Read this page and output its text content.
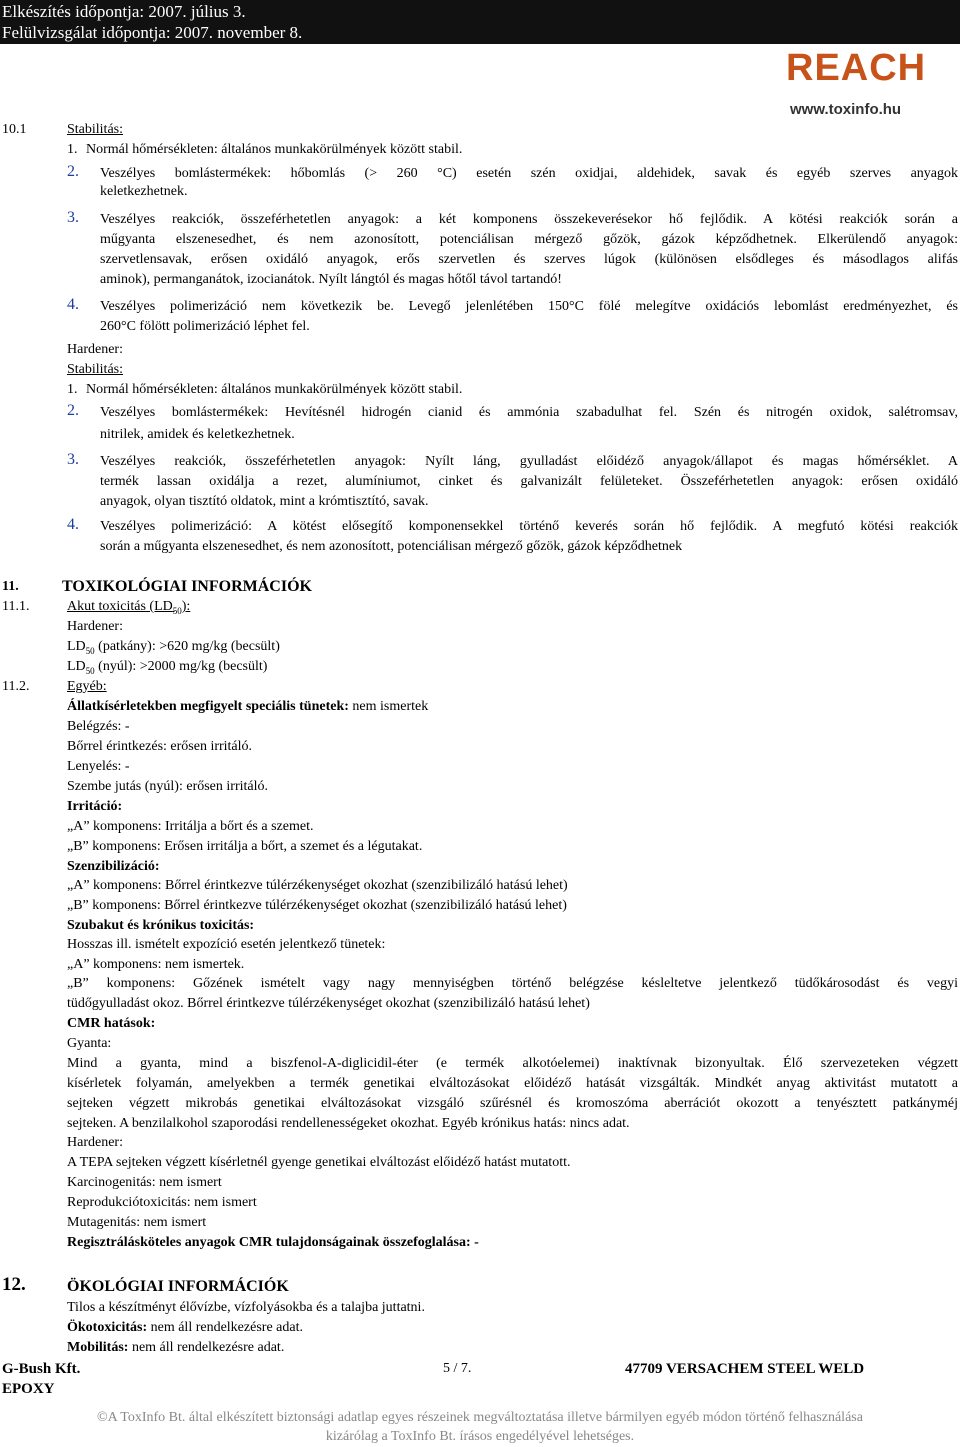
Elkészítés időpontja: 2007. július 3.
Felülvizsgálat időpontja: 2007. november 8.
REACH
www.toxinfo.hu
10.1	Stabilitás:
1. Normál hőmérsékleten: általános munkakörülmények között stabil.
2. Veszélyes bomlástermékek: hőbomlás (> 260 °C) esetén szén oxidjai, aldehidek, savak és egyéb szerves anyagok
keletkezhetnek.
3. Veszélyes reakciók, összeférhetetlen anyagok: a két komponens összekeverésekor hő fejlődik. A kötési reakciók során a
műgyanta elszenesedhet, és nem azonosított, potenciálisan mérgező gőzök, gázok képződhetnek. Elkerülendő anyagok:
szervetlensavak, erősen oxidáló anyagok, erős szervetlen és szerves lúgok (különösen elsődleges és másodlagos alifás
aminok), permanganátok, izocianátok. Nyílt lángtól és magas hőtől távol tartandó!
4. Veszélyes polimerizáció nem következik be. Levegő jelenlétében 150°C fölé melegítve oxidációs lebomlást eredményezhet, és
260°C fölött polimerizáció léphet fel.
Hardener:
Stabilitás:
1. Normál hőmérsékleten: általános munkakörülmények között stabil.
2. Veszélyes bomlástermékek: Hevítésnél hidrogén cianid és ammónia szabadulhat fel. Szén és nitrogén oxidok, salétromsav,
nitrilek, amidek és keletkezhetnek.
3. Veszélyes reakciók, összeférhetetlen anyagok: Nyílt láng, gyulladást előidéző anyagok/állapot és magas hőmérséklet. A
termék lassan oxidálja a rezet, alumíniumot, cinket és galvanizált felületeket. Összeférhetetlen anyagok: erősen oxidáló
anyagok, olyan tisztító oldatok, mint a krómtisztító, savak.
4. Veszélyes polimerizáció: A kötést elősegítő komponensekkel történő keverés során hő fejlődik. A megfutó kötési reakciók
során a műgyanta elszenesedhet, és nem azonosított, potenciálisan mérgező gőzök, gázok képződhetnek
11.	TOXIKOLÓGIAI INFORMÁCIÓK
11.1.	Akut toxicitás $(LD_{50})$:
Hardener:
$LD_{50}$ (patkány): >620 mg/kg (becsült)
$LD_{50}$ (nyúl): >2000 mg/kg (becsült)
11.2.	Egyéb:
Állatkísérletekben megfigyelt speciális tünetek: nem ismertek
Belégzés: -
Bőrrel érintkezés: erősen irritáló.
Lenyelés: -
Szembe jutás (nyúl): erősen irritáló.
Irritáció:
„A” komponens: Irritálja a bőrt és a szemet.
„B” komponens: Erősen irritálja a bőrt, a szemet és a légutakat.
Szenzibilizáció:
„A” komponens: Bőrrel érintkezve túlérzékenységet okozhat (szenzibilizáló hatású lehet)
„B” komponens: Bőrrel érintkezve túlérzékenységet okozhat (szenzibilizáló hatású lehet)
Szubakut és krónikus toxicitás:
Hosszas ill. ismételt expozíció esetén jelentkező tünetek:
„A” komponens: nem ismertek.
„B” komponens: Gőzének ismételt vagy nagy mennyiségben történő belégzése késleltetve jelentkező tüdőkárosodást és vegyi
tüdőgyulladást okoz. Bőrrel érintkezve túlérzékenységet okozhat (szenzibilizáló hatású lehet)
CMR hatások:
Gyanta:
Mind a gyanta, mind a biszfenol-A-diglicidil-éter (e termék alkotóelemei) inaktívnak bizonyultak. Élő szervezeteken végzett
kísérletek folyamán, amelyekben a termék genetikai elváltozásokat előidéző hatását vizsgálták. Mindkét anyag aktivitást mutatott a
sejteken végzett mikrobás genetikai elváltozásokat vizsgáló szűrésnél és kromoszóma aberrációt okozott a tenyésztett patkányméj
sejteken. A benzilalkohol szaporodási rendellenességeket okozhat. Egyéb krónikus hatás: nincs adat.
Hardener:
A TEPA sejteken végzett kísérletnél gyenge genetikai elváltozást előidéző hatást mutatott.
Karcinogenitás: nem ismert
Reprodukciótoxicitás: nem ismert
Mutagenitás: nem ismert
Regisztrálásköteles anyagok CMR tulajdonságainak összefoglalása: -
12.	ÖKOLÓGIAI INFORMÁCIÓK
Tilos a készítményt élővízbe, vízfolyásokba és a talajba juttatni.
Ökotoxicitás: nem áll rendelkezésre adat.
Mobilitás: nem áll rendelkezésre adat.
G-Bush Kft.
EPOXY
5 / 7.	47709 VERSACHEM STEEL WELD
©A ToxInfo Bt. által elkészített biztonsági adatlap egyes részeinek megváltoztatása illetve bármilyen egyéb módon történő felhasználása
kizárólag a ToxInfo Bt. írásos engedélyével lehetséges.
